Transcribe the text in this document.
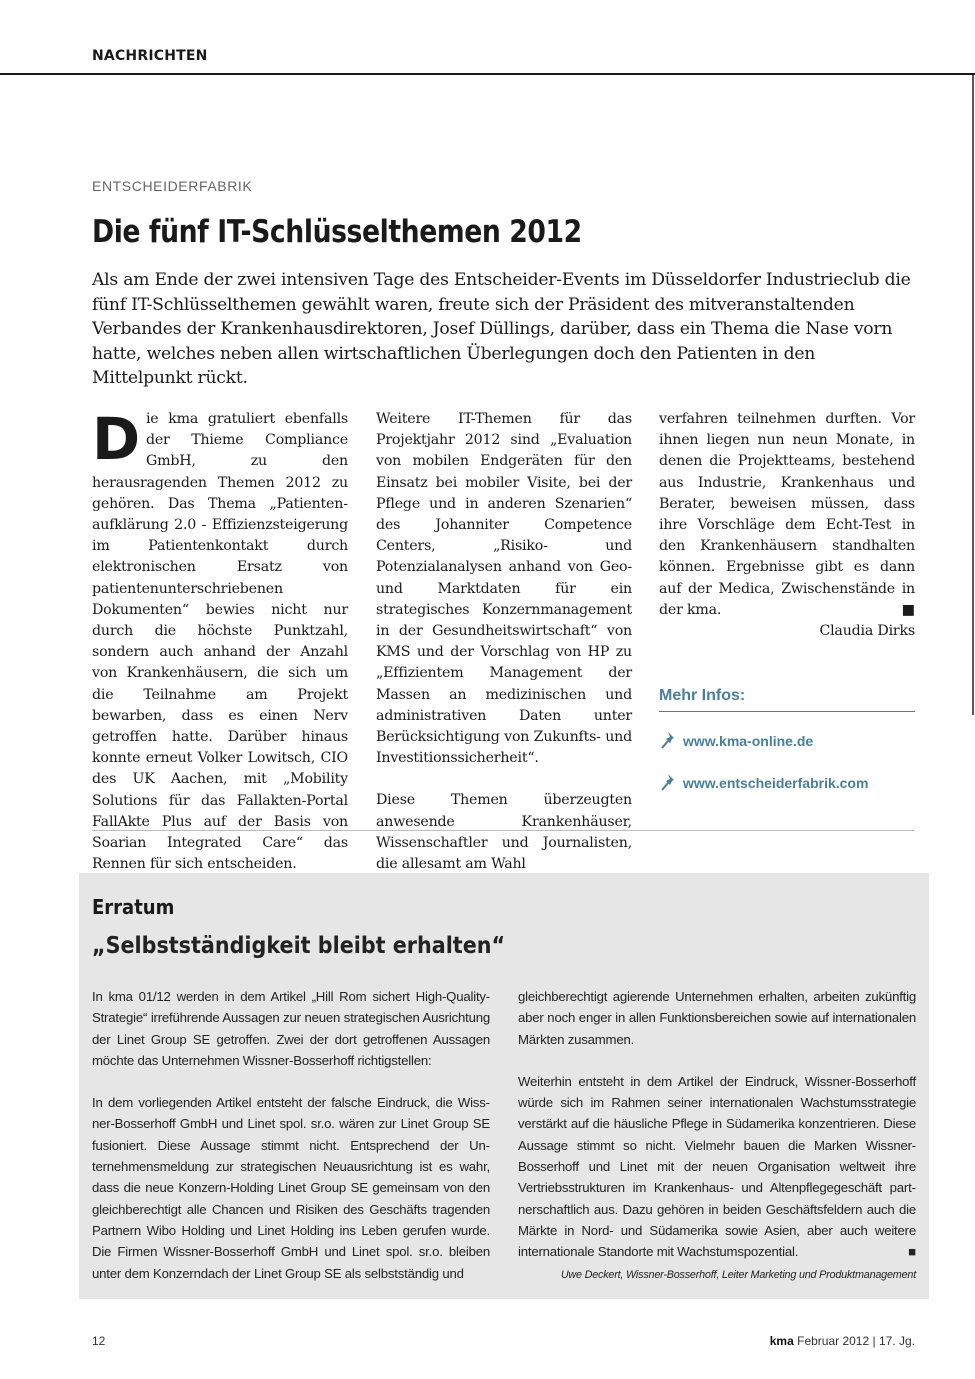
NACHRICHTEN
ENTSCHEIDERFABRIK
Die fünf IT-Schlüsselthemen 2012

Als am Ende der zwei intensiven Tage des Entscheider-Events im Düsseldorfer Industrieclub die fünf IT-Schlüsselthemen gewählt waren, freute sich der Präsident des mitveranstaltenden Verbandes der Krankenhausdirektoren, Josef Düllings, darüber, dass ein Thema die Nase vorn hatte, welches neben allen wirtschaftlichen Überlegungen doch den Patienten in den Mittelpunkt rückt.

D ie kma gratuliert ebenfalls der Thieme Compliance GmbH, zu den herausragenden Themen 2012 zu gehören. Das Thema „Patientenaufklärung 2.0 - Effizienzsteigerung im Patientenkontakt durch elektronischen Ersatz von patientenunterschriebenen Dokumenten“ bewies nicht nur durch die höchste Punktzahl, sondern auch anhand der Anzahl von Krankenhäusern, die sich um die Teilnahme am Projekt bewarben, dass es einen Nerv getroffen hatte. Darüber hinaus konnte erneut Volker Lowitsch, CIO des UK Aachen, mit „Mobility Solutions für das Fallakten-Portal FallAkte Plus auf der Basis von Soarian Integrated Care“ das Rennen für sich entscheiden.

Weitere IT-Themen für das Projektjahr 2012 sind „Evaluation von mobilen Endgeräten für den Einsatz bei mobiler Visite, bei der Pflege und in anderen Szenarien“ des Johanniter Competence Centers, „Risiko- und Potenzialanalysen anhand von Geo- und Marktdaten für ein strategisches Konzernmanagement in der Gesundheitswirtschaft“ von KMS und der Vorschlag von HP zu „Effizientem Management der Massen an medizinischen und administrativen Daten unter Berücksichtigung von Zukunfts- und Investitionssicherheit“.

Diese Themen überzeugten anwesende Krankenhäuser, Wissenschaftler und Journalisten, die allesamt am Wahl

verfahren teilnehmen durften. Vor ihnen liegen nun neun Monate, in denen die Projektteams, bestehend aus Industrie, Krankenhaus und Berater, beweisen müssen, dass ihre Vorschläge dem Echt-Test in den Krankenhäusern standhalten können. Ergebnisse gibt es dann auf der Medica, Zwischenstände in der kma.	■

Claudia Dirks

Mehr Infos:
www.kma-online.de
www.entscheiderfabrik.com
Erratum
„Selbstständigkeit bleibt erhalten“

In kma 01/12 werden in dem Artikel „Hill Rom sichert High-Quality-Strategie“ irreführende Aussagen zur neuen strategischen Ausrichtung der Linet Group SE getroffen. Zwei der dort getroffenen Aussagen möchte das Unternehmen Wissner-Bosserhoff richtigstellen:

In dem vorliegenden Artikel entsteht der falsche Eindruck, die Wissner-Bosserhoff GmbH und Linet spol. sr.o. wären zur Linet Group SE fusioniert. Diese Aussage stimmt nicht. Entsprechend der Unternehmensmeldung zur strategischen Neuausrichtung ist es wahr, dass die neue Konzern-Holding Linet Group SE gemeinsam von den gleichberechtigt alle Chancen und Risiken des Geschäfts tragenden Partnern Wibo Holding und Linet Holding ins Leben gerufen wurde. Die Firmen Wissner-Bosserhoff GmbH und Linet spol. sr.o. bleiben unter dem Konzerndach der Linet Group SE als selbstständig und

gleichberechtigt agierende Unternehmen erhalten, arbeiten zukünftig aber noch enger in allen Funktionsbereichen sowie auf internationalen Märkten zusammen.

Weiterhin entsteht in dem Artikel der Eindruck, Wissner-Bosserhoff würde sich im Rahmen seiner internationalen Wachstumsstrategie verstärkt auf die häusliche Pflege in Südamerika konzentrieren. Diese Aussage stimmt so nicht. Vielmehr bauen die Marken Wissner-Bosserhoff und Linet mit der neuen Organisation weltweit ihre Vertriebsstrukturen im Krankenhaus- und Altenpflegegeschäft partnerschaftlich aus. Dazu gehören in beiden Geschäftsfeldern auch die Märkte in Nord- und Südamerika sowie Asien, aber auch weitere internationale Standorte mit Wachstumspozential.	■

Uwe Deckert, Wissner-Bosserhoff, Leiter Marketing und Produktmanagement

12	kma Februar 2012 | 17. Jg.
